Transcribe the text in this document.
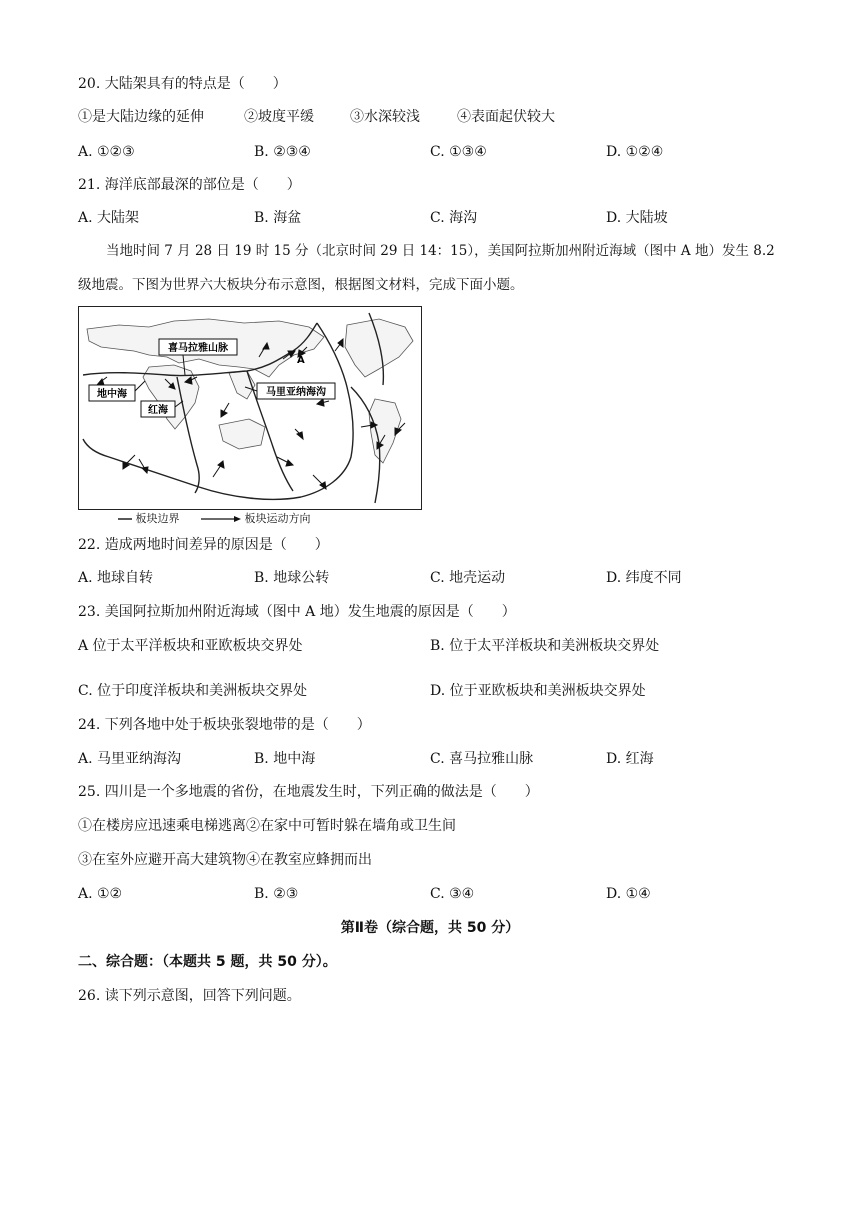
20. 大陆架具有的特点是（　　）
①是大陆边缘的延伸	②坡度平缓	③水深较浅	④表面起伏较大
A. ①②③	B. ②③④	C. ①③④	D. ①②④
21. 海洋底部最深的部位是（　　）
A. 大陆架	B. 海盆	C. 海沟	D. 大陆坡
当地时间 7 月 28 日 19 时 15 分（北京时间 29 日 14：15），美国阿拉斯加州附近海域（图中 A 地）发生 8.2 级地震。下图为世界六大板块分布示意图，根据图文材料，完成下面小题。
喜马拉雅山脉
地中海
红海
马里亚纳海沟
A
板块边界	板块运动方向
22. 造成两地时间差异的原因是（　　）
A. 地球自转	B. 地球公转	C. 地壳运动	D. 纬度不同
23. 美国阿拉斯加州附近海域（图中 A 地）发生地震的原因是（　　）
A 位于太平洋板块和亚欧板块交界处	B. 位于太平洋板块和美洲板块交界处
C. 位于印度洋板块和美洲板块交界处	D. 位于亚欧板块和美洲板块交界处
24. 下列各地中处于板块张裂地带的是（　　）
A. 马里亚纳海沟	B. 地中海	C. 喜马拉雅山脉	D. 红海
25. 四川是一个多地震的省份，在地震发生时，下列正确的做法是（　　）
①在楼房应迅速乘电梯逃离②在家中可暂时躲在墙角或卫生间
③在室外应避开高大建筑物④在教室应蜂拥而出
A. ①②	B. ②③	C. ③④	D. ①④
第Ⅱ卷（综合题，共 50 分）
二、综合题：（本题共 5 题，共 50 分）。
26. 读下列示意图，回答下列问题。
